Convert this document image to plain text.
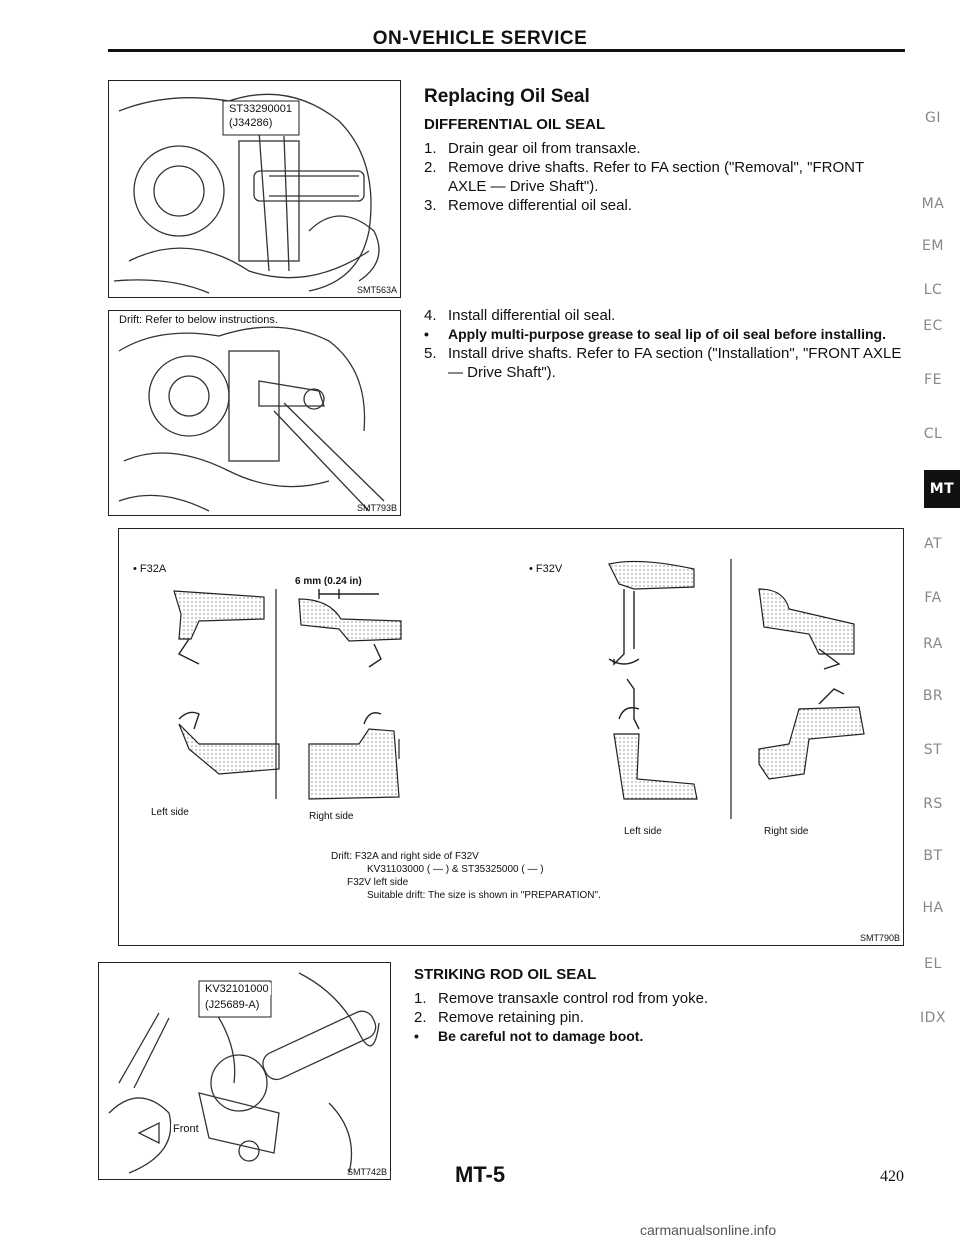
ON-VEHICLE SERVICE
ST33290001
(J34286)
SMT563A
Drift: Refer to below instructions.
SMT793B
Replacing Oil Seal
DIFFERENTIAL OIL SEAL
1. Drain gear oil from transaxle.
2. Remove drive shafts. Refer to FA section ("Removal", "FRONT AXLE — Drive Shaft").
3. Remove differential oil seal.
4. Install differential oil seal.
•	Apply multi-purpose grease to seal lip of oil seal before installing.
5. Install drive shafts. Refer to FA section ("Installation", "FRONT AXLE — Drive Shaft").
• F32A	• F32V
6 mm (0.24 in)
Left side	Right side
Left side	Right side
Drift: F32A and right side of F32V
KV31103000 ( — ) & ST35325000 ( — )
F32V left side
Suitable drift: The size is shown in "PREPARATION".
SMT790B
KV32101000
(J25689-A)
Front
SMT742B
STRIKING ROD OIL SEAL
1. Remove transaxle control rod from yoke.
2. Remove retaining pin.
•	Be careful not to damage boot.
GI
MA
EM
LC
EC
FE
CL
MT
AT
FA
RA
BR
ST
RS
BT
HA
EL
IDX
MT-5	420
carmanualsonline.info
